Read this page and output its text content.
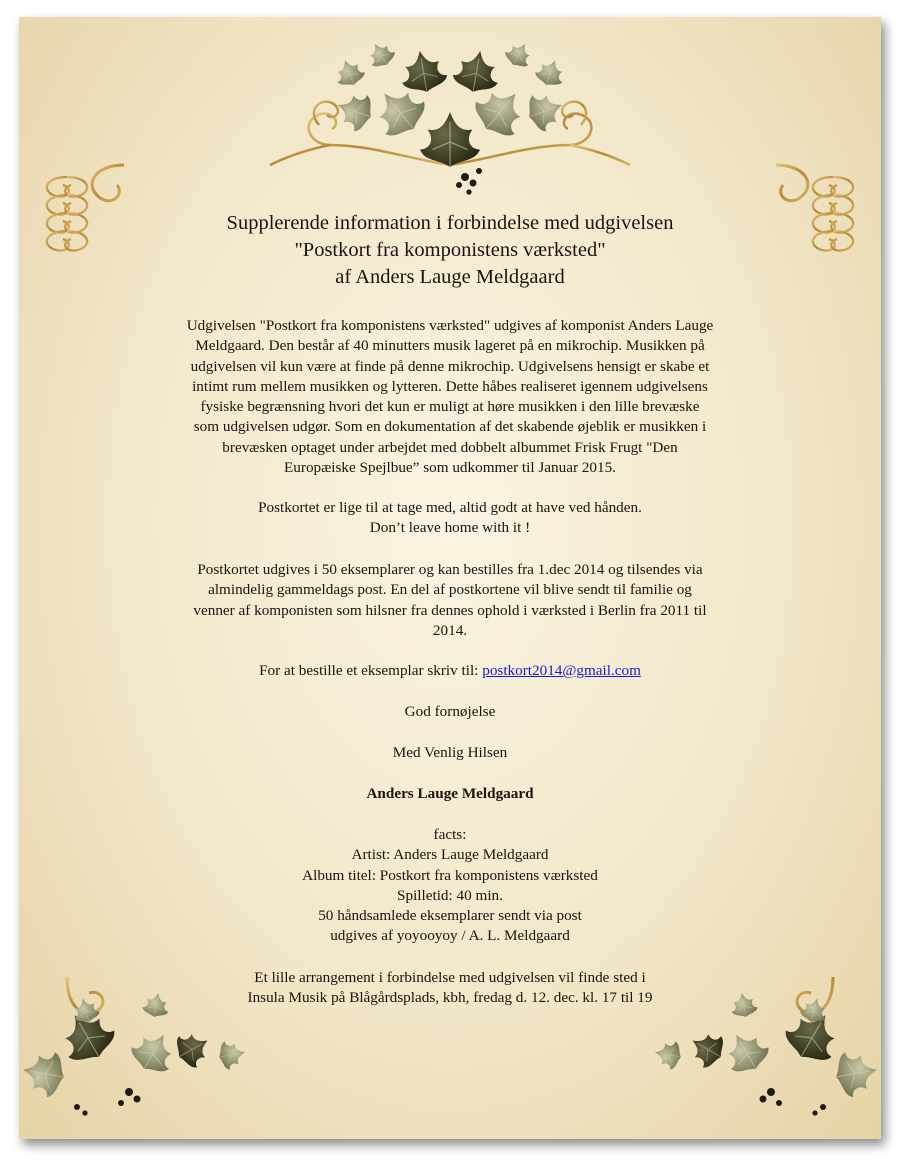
Supplerende information i forbindelse med udgivelsen
"Postkort fra komponistens værksted"
af Anders Lauge Meldgaard
Udgivelsen "Postkort fra komponistens værksted" udgives af komponist Anders Lauge
Meldgaard. Den består af 40 minutters musik lageret på en mikrochip. Musikken på
udgivelsen vil kun være at finde på denne mikrochip. Udgivelsens hensigt er skabe et
intimt rum mellem musikken og lytteren. Dette håbes realiseret igennem udgivelsens
fysiske begrænsning hvori det kun er muligt at høre musikken i den lille brevæske
som udgivelsen udgør. Som en dokumentation af det skabende øjeblik er musikken i
brevæsken optaget under arbejdet med dobbelt albummet Frisk Frugt "Den
Europæiske Spejlbue” som udkommer til Januar 2015.
Postkortet er lige til at tage med, altid godt at have ved hånden.
Don’t leave home with it !
Postkortet udgives i 50 eksemplarer og kan bestilles fra 1.dec 2014 og tilsendes via
almindelig gammeldags post. En del af postkortene vil blive sendt til familie og
venner af komponisten som hilsner fra dennes ophold i værksted i Berlin fra 2011 til
2014.
For at bestille et eksemplar skriv til: postkort2014@gmail.com
God fornøjelse
Med Venlig Hilsen
Anders Lauge Meldgaard
facts:
Artist: Anders Lauge Meldgaard
Album titel: Postkort fra komponistens værksted
Spilletid: 40 min.
50 håndsamlede eksemplarer sendt via post
udgives af yoyooyoy / A. L. Meldgaard
Et lille arrangement i forbindelse med udgivelsen vil finde sted i
Insula Musik på Blågårdsplads, kbh, fredag d. 12. dec. kl. 17 til 19
